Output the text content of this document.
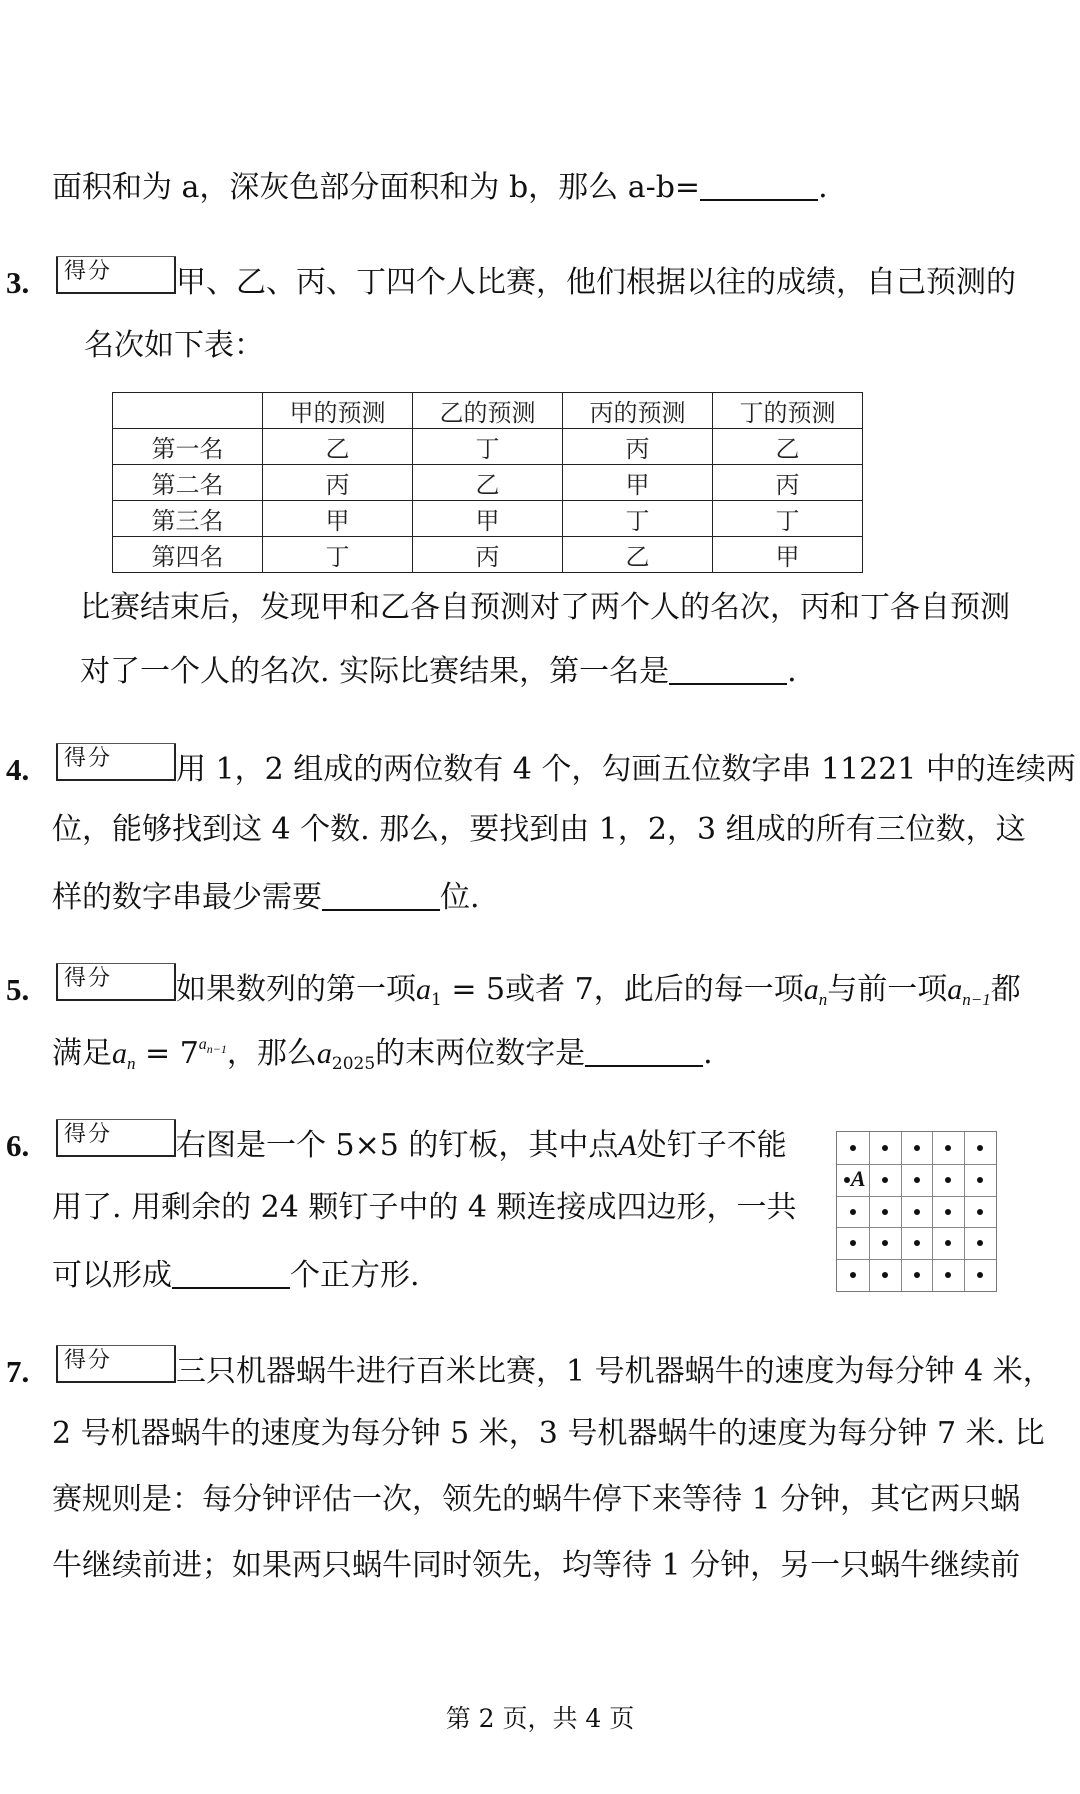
面积和为 a，深灰色部分面积和为 b，那么 a-b=	.
3. 得分 甲、乙、丙、丁四个人比赛，他们根据以往的成绩，自己预测的
名次如下表：
	甲的预测	乙的预测	丙的预测	丁的预测
第一名	乙	丁	丙	乙
第二名	丙	乙	甲	丙
第三名	甲	甲	丁	丁
第四名	丁	丙	乙	甲
比赛结束后，发现甲和乙各自预测对了两个人的名次，丙和丁各自预测
对了一个人的名次. 实际比赛结果，第一名是	.
4. 得分 用 1，2 组成的两位数有 4 个，勾画五位数字串 11221 中的连续两
位，能够找到这 4 个数. 那么，要找到由 1，2，3 组成的所有三位数，这
样的数字串最少需要	位.
5. 得分 如果数列的第一项$a_1 = 5$或者 7，此后的每一项$a_n$与前一项$a_{n-1}$都
满足$a_n = 7^{a_{n-1}}$，那么$a_{2025}$的末两位数字是	.
6. 得分 右图是一个 5×5 的钉板，其中点A处钉子不能
用了. 用剩余的 24 颗钉子中的 4 颗连接成四边形，一共
可以形成	个正方形.
A
7. 得分 三只机器蜗牛进行百米比赛，1 号机器蜗牛的速度为每分钟 4 米，
2 号机器蜗牛的速度为每分钟 5 米，3 号机器蜗牛的速度为每分钟 7 米. 比
赛规则是：每分钟评估一次，领先的蜗牛停下来等待 1 分钟，其它两只蜗
牛继续前进；如果两只蜗牛同时领先，均等待 1 分钟，另一只蜗牛继续前
第 2 页，共 4 页
